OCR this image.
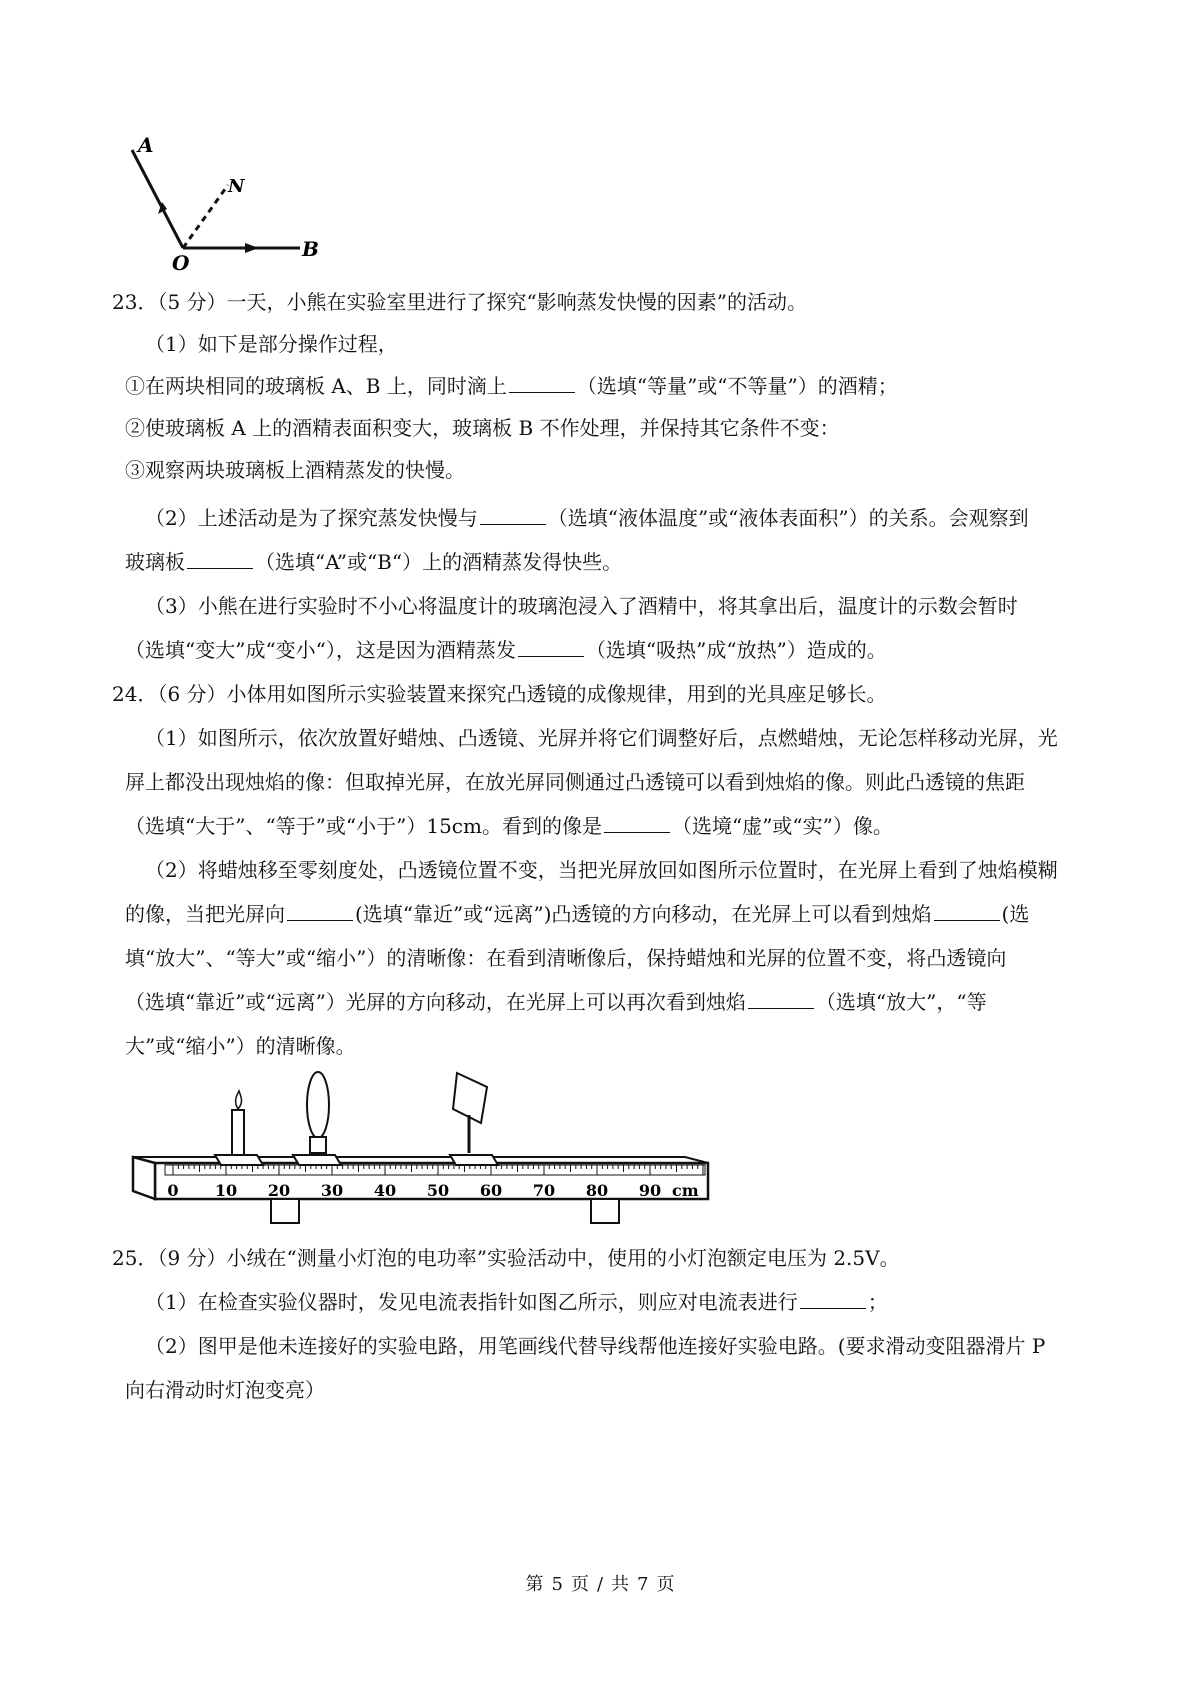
A
N
O
B
23．（5 分）一天，小熊在实验室里进行了探究“影响蒸发快慢的因素”的活动。
（1）如下是部分操作过程，
①在两块相同的玻璃板 A、B 上，同时滴上	（选填“等量”或“不等量”）的酒精；
②使玻璃板 A 上的酒精表面积变大，玻璃板 B 不作处理，并保持其它条件不变：
③观察两块玻璃板上酒精蒸发的快慢。
（2）上述活动是为了探究蒸发快慢与	（选填“液体温度”或“液体表面积”）的关系。会观察到
玻璃板	（选填“A”或“B“）上的酒精蒸发得快些。
（3）小熊在进行实验时不小心将温度计的玻璃泡浸入了酒精中，将其拿出后，温度计的示数会暂时
（选填“变大”成“变小“），这是因为酒精蒸发	（选填“吸热”成“放热”）造成的。
24．（6 分）小体用如图所示实验装置来探究凸透镜的成像规律，用到的光具座足够长。
（1）如图所示，依次放置好蜡烛、凸透镜、光屏并将它们调整好后，点燃蜡烛，无论怎样移动光屏，光
屏上都没出现烛焰的像：但取掉光屏，在放光屏同侧通过凸透镜可以看到烛焰的像。则此凸透镜的焦距
（选填“大于”、“等于”或“小于”）15cm。看到的像是	（选境“虚”或“实”）像。
（2）将蜡烛移至零刻度处，凸透镜位置不变，当把光屏放回如图所示位置时，在光屏上看到了烛焰模糊
的像，当把光屏向	(选填“靠近”或“远离”)凸透镜的方向移动，在光屏上可以看到烛焰	(选
填“放大”、“等大”或“缩小”）的清晰像：在看到清晰像后，保持蜡烛和光屏的位置不变，将凸透镜向
（选填“靠近”或“远离”）光屏的方向移动，在光屏上可以再次看到烛焰	（选填“放大”，“等
大”或“缩小”）的清晰像。
0 10 20 30 40 50 60 70 80 90 cm
25．（9 分）小绒在“测量小灯泡的电功率”实验活动中，使用的小灯泡额定电压为 2.5V。
（1）在检查实验仪器时，发见电流表指针如图乙所示，则应对电流表进行	；
（2）图甲是他未连接好的实验电路，用笔画线代替导线帮他连接好实验电路。(要求滑动变阻器滑片 P
向右滑动时灯泡变亮）
第 5 页 / 共 7 页
